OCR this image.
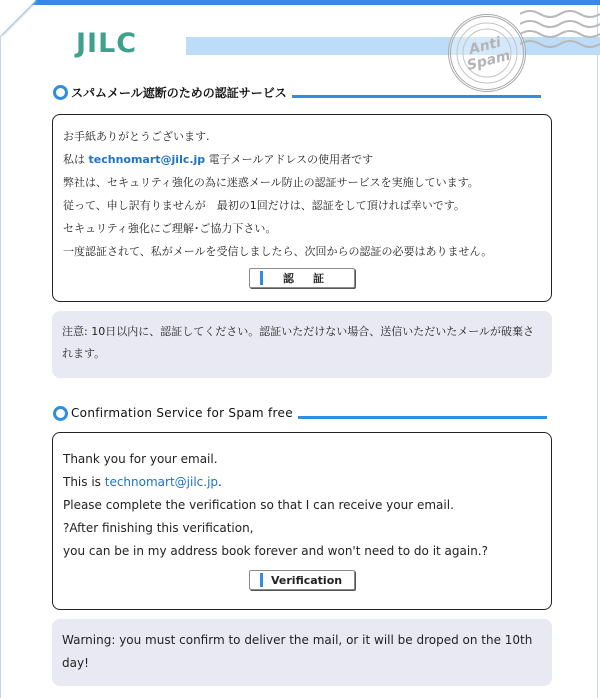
JILC	Anti Spam
スパムメール遮断のための認証サービス
お手紙ありがとうございます.
私は technomart@jilc.jp 電子メールアドレスの使用者です
弊社は、セキュリティ強化の為に迷惑メール防止の認証サービスを実施しています。
従って、申し訳有りませんが　最初の1回だけは、認証をして頂ければ幸いです。
セキュリティ強化にご理解･ご協力下さい。
一度認証されて、私がメールを受信しましたら、次回からの認証の必要はありません。
認　証
注意: 10日以内に、認証してください。認証いただけない場合、送信いただいたメールが破棄されます。
Confirmation Service for Spam free
Thank you for your email.
This is technomart@jilc.jp.
Please complete the verification so that I can receive your email.
?After finishing this verification,
you can be in my address book forever and won't need to do it again.?
Verification
Warning: you must confirm to deliver the mail, or it will be droped on the 10th day!
